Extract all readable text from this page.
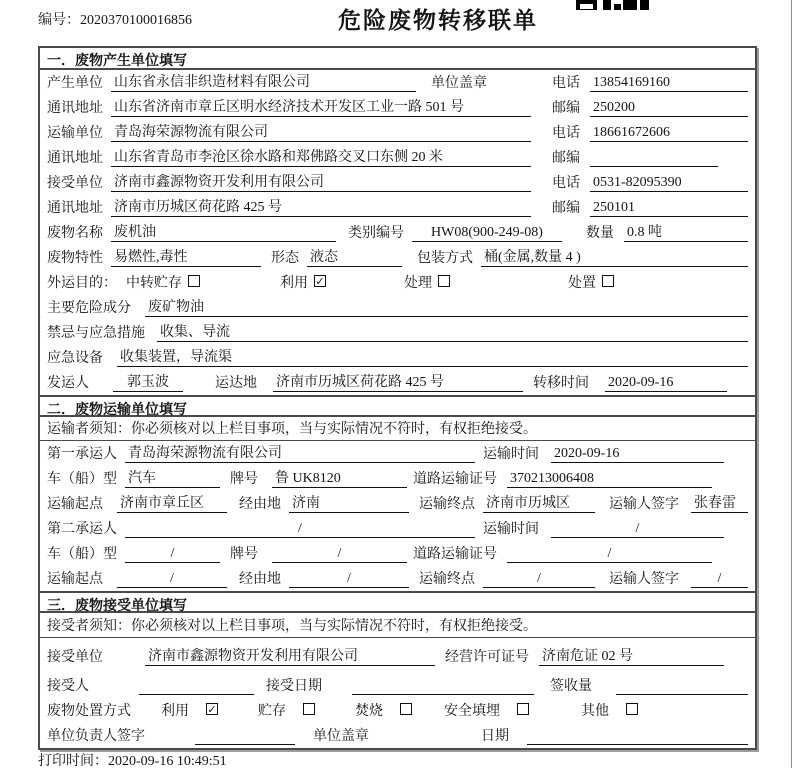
编号：2020370100016856	危险废物转移联单
一．废物产生单位填写
产生单位 山东省永信非织造材料有限公司	单位盖章	电话 13854169160
通讯地址 山东省济南市章丘区明水经济技术开发区工业一路 501 号	邮编 250200
运输单位 青岛海荣源物流有限公司	电话 18661672606
通讯地址 山东省青岛市李沧区徐水路和郑佛路交叉口东侧 20 米	邮编
接受单位 济南市鑫源物资开发利用有限公司	电话 0531-82095390
通讯地址 济南市历城区荷花路 425 号	邮编 250101
废物名称 废机油	类别编号	HW08(900-249-08)	数量 0.8 吨
废物特性 易燃性,毒性	形态 液态	包装方式 桶(金属,数量 4 )
外运目的： 中转贮存	利用 ✓	处理	处置
主要危险成分 废矿物油
禁忌与应急措施 收集、导流
应急设备 收集装置，导流渠
发运人	郭玉波	运达地 济南市历城区荷花路 425 号	转移时间 2020-09-16
二．废物运输单位填写
运输者须知：你必须核对以上栏目事项，当与实际情况不符时，有权拒绝接受。
第一承运人 青岛海荣源物流有限公司	运输时间 2020-09-16
车（船）型 汽车	牌号 鲁 UK8120	道路运输证号 370213006408
运输起点 济南市章丘区	经由地 济南	运输终点 济南市历城区	运输人签字 张春雷
第二承运人	/	运输时间	/
车（船）型	/	牌号	/	道路运输证号	/
运输起点	/	经由地	/	运输终点	/	运输人签字	/
三．废物接受单位填写
接受者须知：你必须核对以上栏目事项，当与实际情况不符时，有权拒绝接受。
接受单位	济南市鑫源物资开发利用有限公司	经营许可证号 济南危证 02 号
接受人	接受日期	签收量
废物处置方式 利用 ✓	贮存	焚烧	安全填埋	其他
单位负责人签字	单位盖章	日期
打印时间：2020-09-16 10:49:51
